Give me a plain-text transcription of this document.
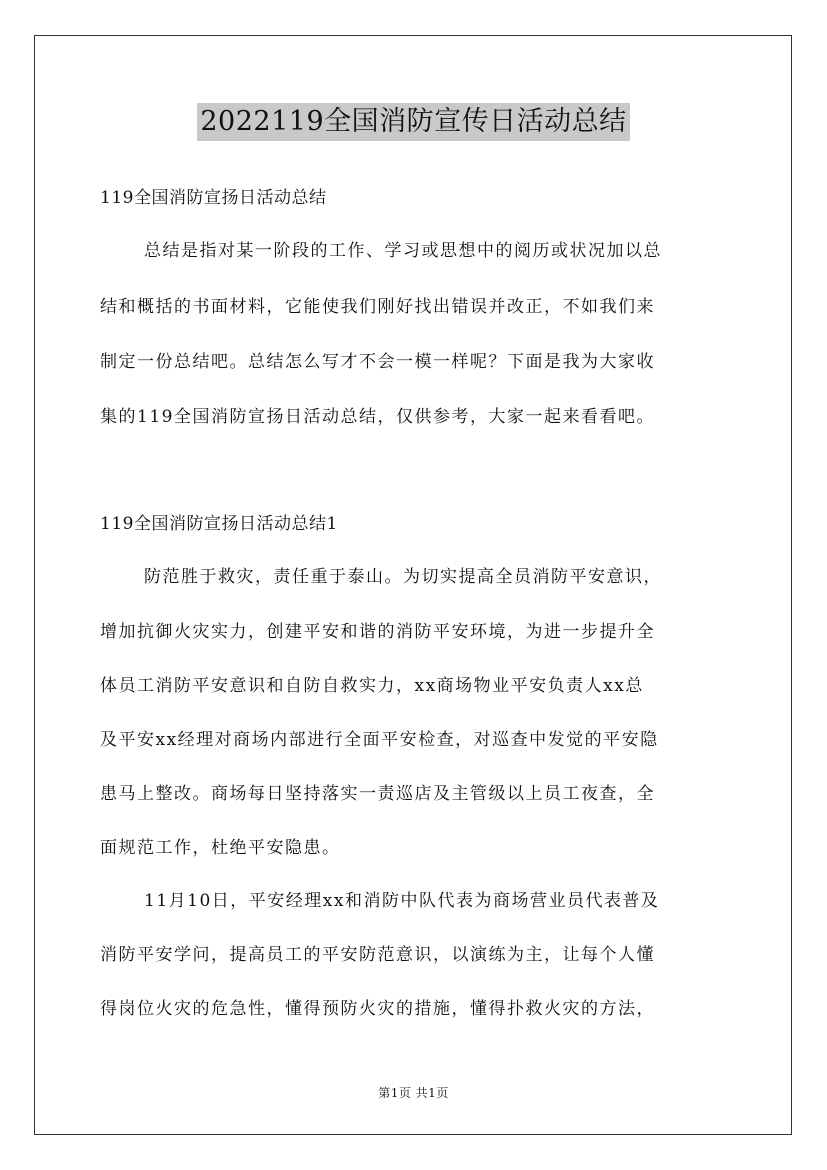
2022119全国消防宣传日活动总结
119全国消防宣扬日活动总结
总结是指对某一阶段的工作、学习或思想中的阅历或状况加以总
结和概括的书面材料，它能使我们刚好找出错误并改正，不如我们来
制定一份总结吧。总结怎么写才不会一模一样呢？下面是我为大家收
集的119全国消防宣扬日活动总结，仅供参考，大家一起来看看吧。
119全国消防宣扬日活动总结1
防范胜于救灾，责任重于泰山。为切实提高全员消防平安意识，
增加抗御火灾实力，创建平安和谐的消防平安环境，为进一步提升全
体员工消防平安意识和自防自救实力，xx商场物业平安负责人xx总
及平安xx经理对商场内部进行全面平安检查，对巡查中发觉的平安隐
患马上整改。商场每日坚持落实一责巡店及主管级以上员工夜查，全
面规范工作，杜绝平安隐患。
11月10日，平安经理xx和消防中队代表为商场营业员代表普及
消防平安学问，提高员工的平安防范意识，以演练为主，让每个人懂
得岗位火灾的危急性，懂得预防火灾的措施，懂得扑救火灾的方法，
第1页 共1页
